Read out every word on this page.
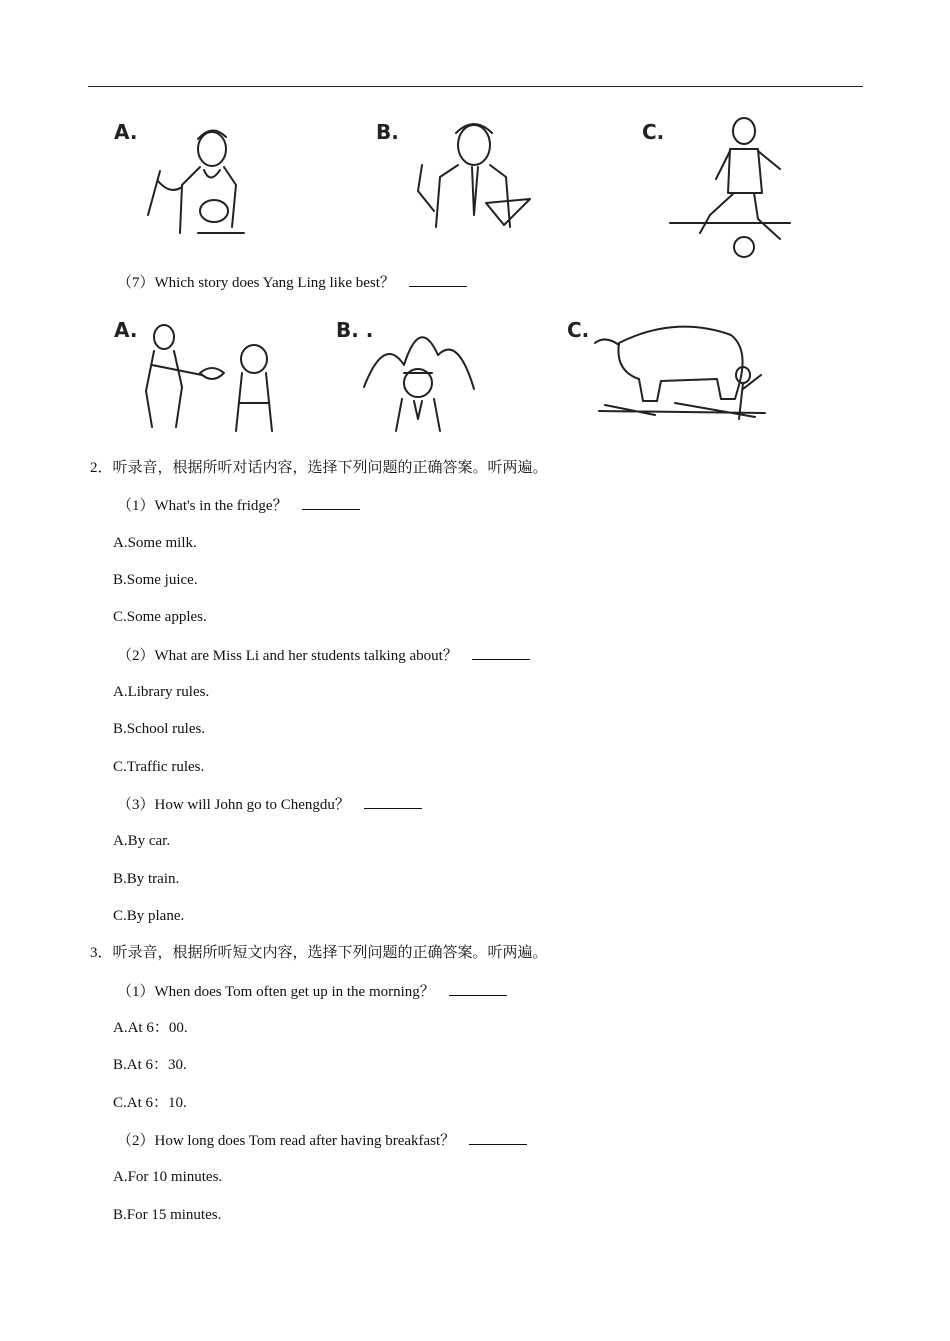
A.	B.	C.
（7）Which story does Yang Ling like best？
A.	B. .	C.
2．听录音，根据所听对话内容，选择下列问题的正确答案。听两遍。
（1）What's in the fridge？
A.Some milk.
B.Some juice.
C.Some apples.
（2）What are Miss Li and her students talking about？
A.Library rules.
B.School rules.
C.Traffic rules.
（3）How will John go to Chengdu？
A.By car.
B.By train.
C.By plane.
3．听录音，根据所听短文内容，选择下列问题的正确答案。听两遍。
（1）When does Tom often get up in the morning？
A.At 6：00.
B.At 6：30.
C.At 6：10.
（2）How long does Tom read after having breakfast？
A.For 10 minutes.
B.For 15 minutes.
